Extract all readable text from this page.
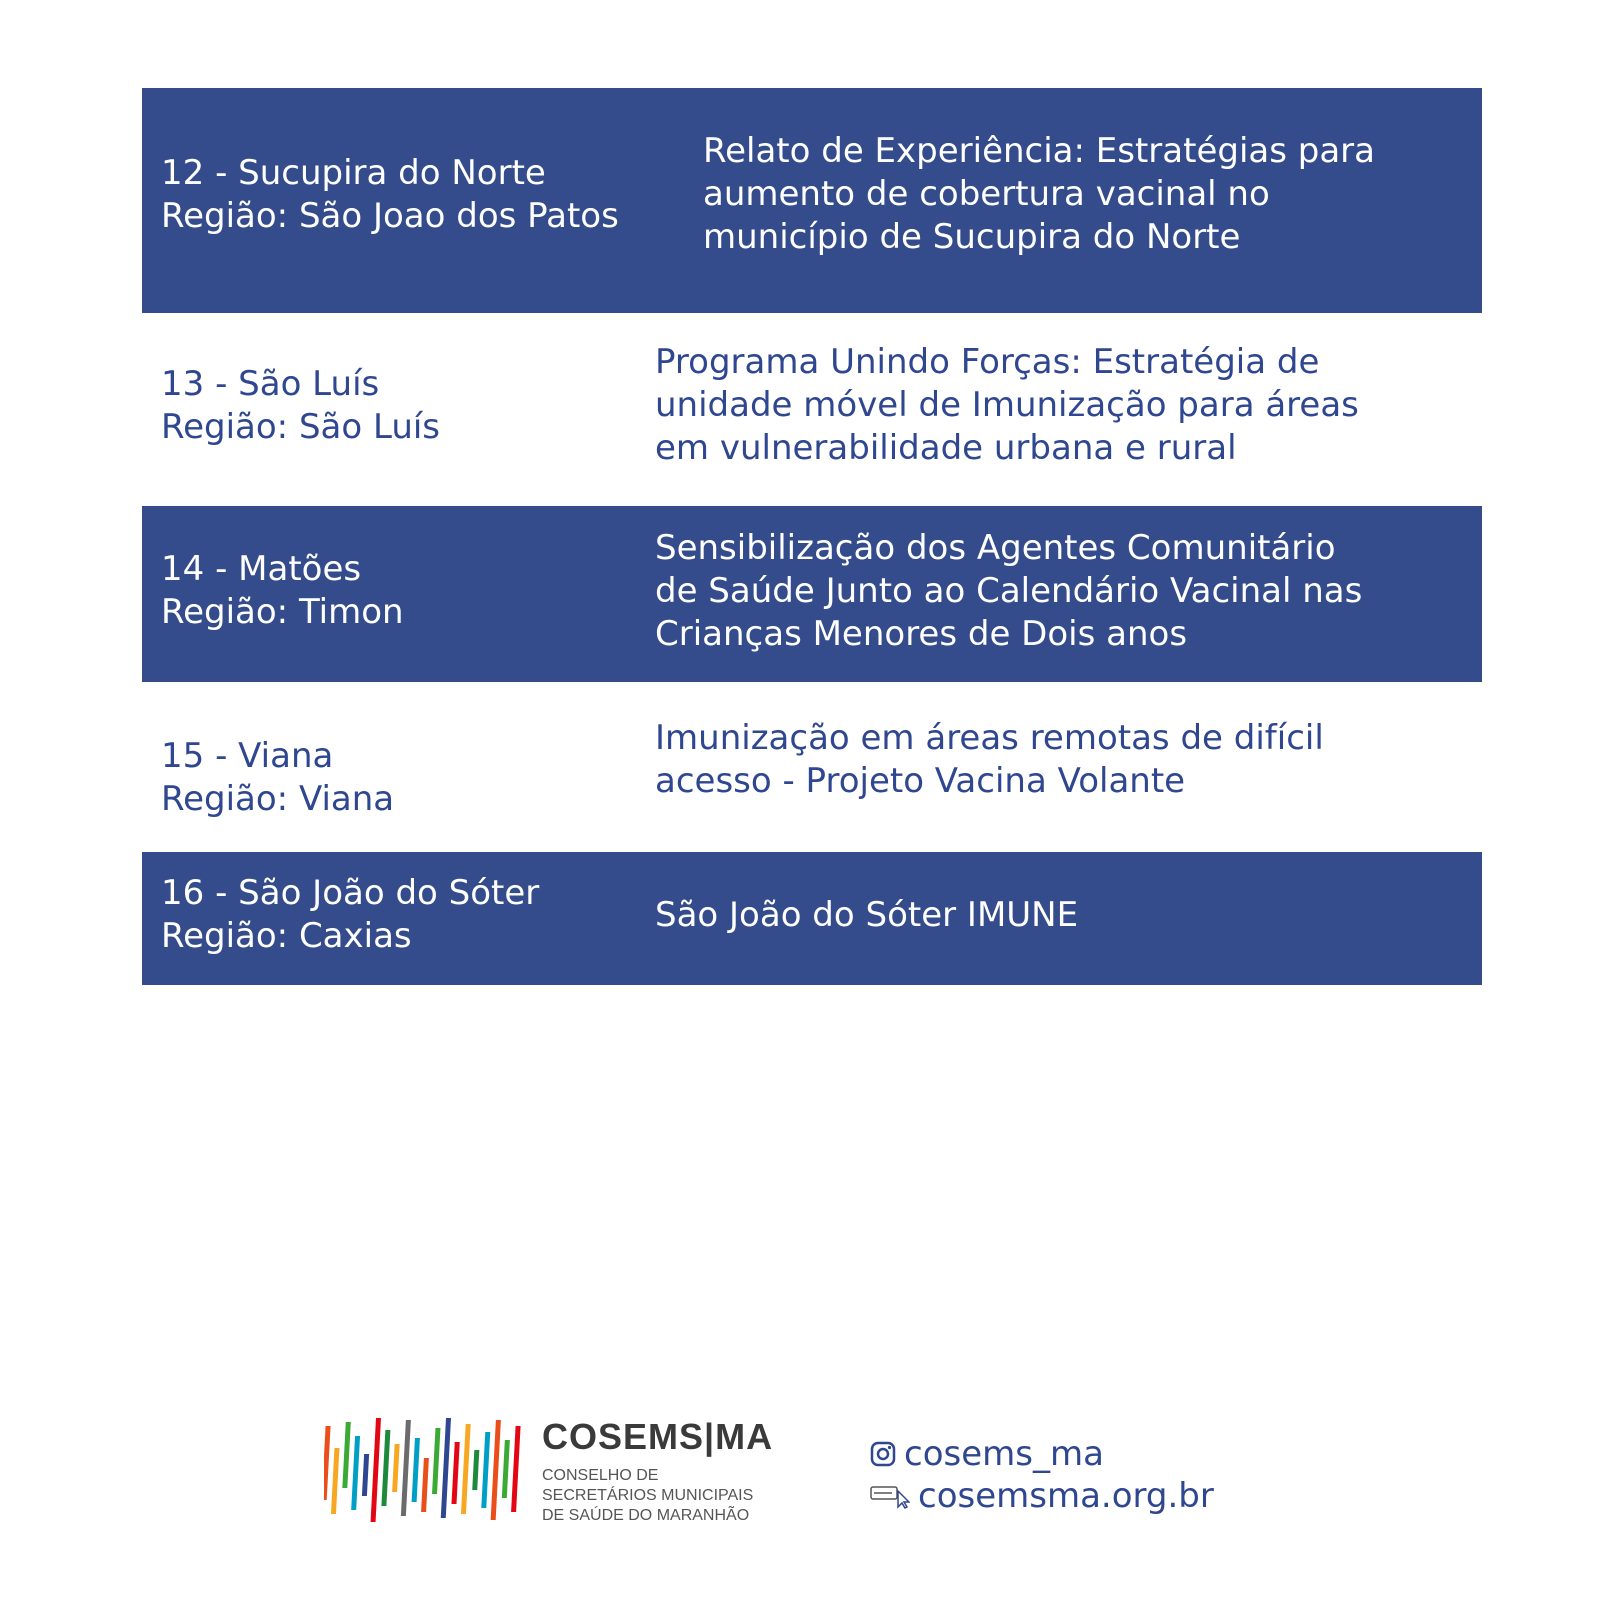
12 - Sucupira do Norte
Região: São Joao dos Patos
Relato de Experiência: Estratégias para
aumento de cobertura vacinal no
município de Sucupira do Norte
13 - São Luís
Região: São Luís
Programa Unindo Forças: Estratégia de
unidade móvel de Imunização para áreas
em vulnerabilidade urbana e rural
14 - Matões
Região: Timon
Sensibilização dos Agentes Comunitário
de Saúde Junto ao Calendário Vacinal nas
Crianças Menores de Dois anos
15 - Viana
Região: Viana
Imunização em áreas remotas de difícil
acesso - Projeto Vacina Volante
16 - São João do Sóter
Região: Caxias
São João do Sóter IMUNE
COSEMS|MA
CONSELHO DE
SECRETÁRIOS MUNICIPAIS
DE SAÚDE DO MARANHÃO
cosems_ma
cosemsma.org.br
